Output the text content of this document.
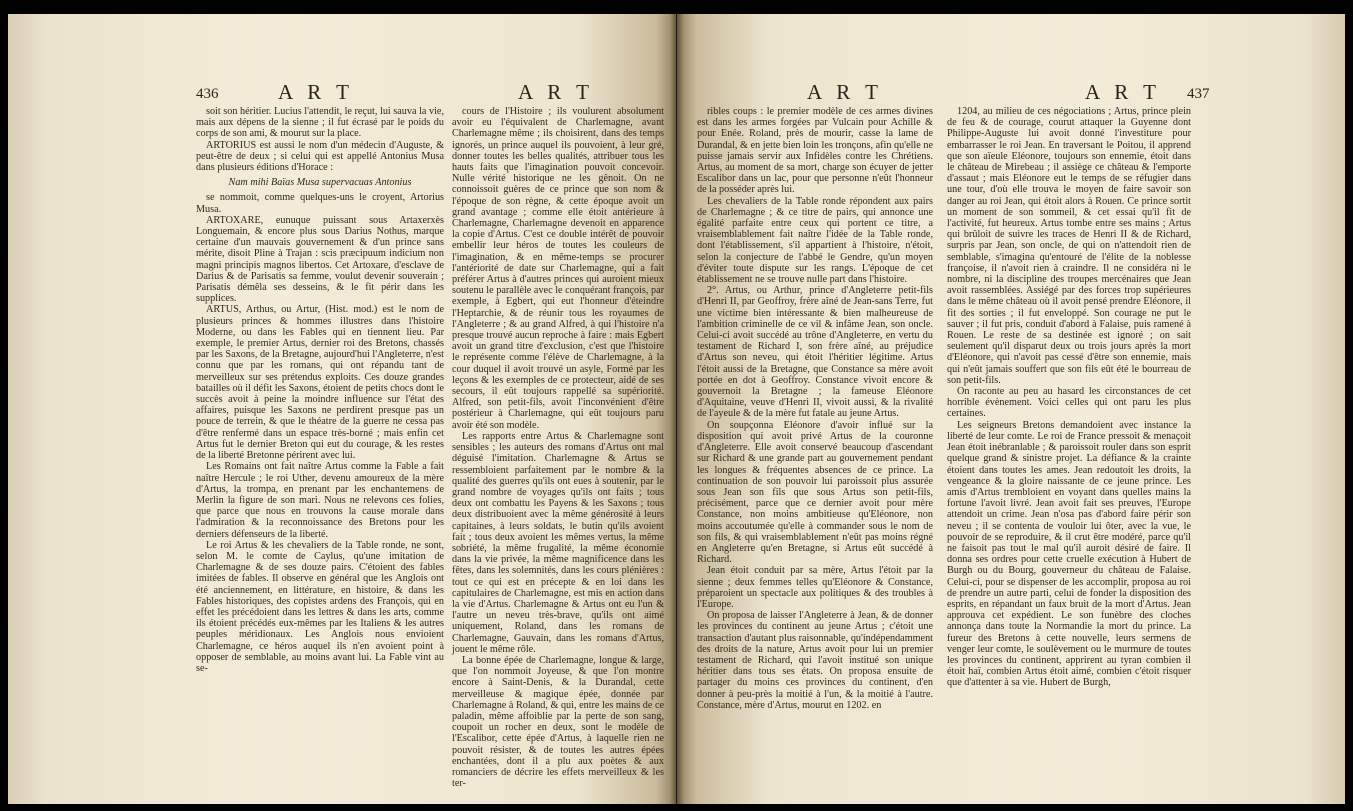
436	A R T	A R T

soit son héritier. Lucius l'attendit, le reçut, lui sauva la vie, mais aux dépens de la sienne ; il fut écrasé par le poids du corps de son ami, & mourut sur la place.

ARTORIUS est aussi le nom d'un médecin d'Auguste, & peut-être de deux ; si celui qui est appellé Antonius Musa dans plusieurs éditions d'Horace :

Nam mihi Baïas Musa supervacuas Antonius

se nommoit, comme quelques-uns le croyent, Artorius Musa.

ARTOXARE, eunuque puissant sous Artaxerxès Longuemain, & encore plus sous Darius Nothus, marque certaine d'un mauvais gouvernement & d'un prince sans mérite, disoit Pline à Trajan : scis præcipuum indicium non magni principis magnos libertos. Cet Artoxare, d'esclave de Darius & de Parisatis sa femme, voulut devenir souverain ; Parisatis démêla ses desseins, & le fit périr dans les supplices.

ARTUS, Arthus, ou Artur, (Hist. mod.) est le nom de plusieurs princes & hommes illustres dans l'histoire Moderne, ou dans les Fables qui en tiennent lieu. Par exemple, le premier Artus, dernier roi des Bretons, chassés par les Saxons, de la Bretagne, aujourd'hui l'Angleterre, n'est connu que par les romans, qui ont répandu tant de merveilleux sur ses prétendus exploits. Ces douze grandes batailles où il défit les Saxons, étoient de petits chocs dont le succès avoit à peine la moindre influence sur l'état des affaires, puisque les Saxons ne perdirent presque pas un pouce de terrein, & que le théatre de la guerre ne cessa pas d'être renfermé dans un espace très-borné ; mais enfin cet Artus fut le dernier Breton qui eut du courage, & les restes de la liberté Bretonne périrent avec lui.

Les Romains ont fait naître Artus comme la Fable a fait naître Hercule ; le roi Uther, devenu amoureux de la mère d'Artus, la trompa, en prenant par les enchantemens de Merlin la figure de son mari. Nous ne relevons ces folies, que parce que nous en trouvons la cause morale dans l'admiration & la reconnoissance des Bretons pour les derniers défenseurs de la liberté.

Le roi Artus & les chevaliers de la Table ronde, ne sont, selon M. le comte de Caylus, qu'une imitation de Charlemagne & de ses douze pairs. C'étoient des fables imitées de fables. Il observe en général que les Anglois ont été anciennement, en littérature, en histoire, & dans les Fables historiques, des copistes ardens des François, qui en effet les précédoient dans les lettres & dans les arts, comme ils étoient précédés eux-mêmes par les Italiens & les autres peuples méridionaux. Les Anglois nous envioient Charlemagne, ce héros auquel ils n'en avoient point à opposer de semblable, au moins avant lui. La Fable vint au se-

cours de l'Histoire ; ils voulurent absolument avoir eu l'équivalent de Charlemagne, avant Charlemagne même ; ils choisirent, dans des temps ignorés, un prince auquel ils pouvoient, à leur gré, donner toutes les belles qualités, attribuer tous les hauts faits que l'imagination pouvoit concevoir. Nulle vérité historique ne les gênoit. On ne connoissoit guères de ce prince que son nom & l'époque de son règne, & cette époque avoit un grand avantage ; comme elle étoit antérieure à Charlemagne, Charlemagne devenoit en apparence la copie d'Artus. C'est ce double intérêt de pouvoir embellir leur héros de toutes les couleurs de l'imagination, & en même-temps se procurer l'antériorité de date sur Charlemagne, qui a fait préférer Artus à d'autres princes qui auroient mieux soutenu le parallèle avec le conquérant françois, par exemple, à Egbert, qui eut l'honneur d'éteindre l'Heptarchie, & de réunir tous les royaumes de l'Angleterre ; & au grand Alfred, à qui l'histoire n'a presque trouvé aucun reproche à faire : mais Egbert avoit un grand titre d'exclusion, c'est que l'histoire le représente comme l'élève de Charlemagne, à la cour duquel il avoit trouvé un asyle, Formé par les leçons & les exemples de ce protecteur, aidé de ses secours, il eût toujours rappellé sa supériorité. Alfred, son petit-fils, avoit l'inconvénient d'être postérieur à Charlemagne, qui eût toujours paru avoir été son modèle.

Les rapports entre Artus & Charlemagne sont sensibles ; les auteurs des romans d'Artus ont mal déguisé l'imitation. Charlemagne & Artus se ressembloient parfaitement par le nombre & la qualité des guerres qu'ils ont eues à soutenir, par le grand nombre de voyages qu'ils ont faits ; tous deux ont combattu les Payens & les Saxons ; tous deux distribuoient avec la même générosité à leurs capitaines, à leurs soldats, le butin qu'ils avoient fait ; tous deux avoient les mêmes vertus, la même sobriété, la même frugalité, la même économie dans la vie privée, la même magnificence dans les fêtes, dans les solemnités, dans les cours plénières : tout ce qui est en précepte & en loi dans les capitulaires de Charlemagne, est mis en action dans la vie d'Artus. Charlemagne & Artus ont eu l'un & l'autre un neveu très-brave, qu'ils ont aimé uniquement, Roland, dans les romans de Charlemagne, Gauvain, dans les romans d'Artus, jouent le même rôle.

La bonne épée de Charlemagne, longue & large, que l'on nommoit Joyeuse, & que l'on montre encore à Saint-Denis, & la Durandal, cette merveilleuse & magique épée, donnée par Charlemagne à Roland, & qui, entre les mains de ce paladin, même affoiblie par la perte de son sang, coupoit un rocher en deux, sont le modèle de l'Escalibor, cette épée d'Artus, à laquelle rien ne pouvoit résister, & de toutes les autres épées enchantées, dont il a plu aux poètes & aux romanciers de décrire les effets merveilleux & les ter-

A R T	A R T 437

ribles coups : le premier modèle de ces armes divines est dans les armes forgées par Vulcain pour Achille & pour Enée. Roland, près de mourir, casse la lame de Durandal, & en jette bien loin les tronçons, afin qu'elle ne puisse jamais servir aux Infidèles contre les Chrétiens. Artus, au moment de sa mort, charge son écuyer de jetter Escalibor dans un lac, pour que personne n'eût l'honneur de la posséder après lui.

Les chevaliers de la Table ronde répondent aux pairs de Charlemagne ; & ce titre de pairs, qui annonce une égalité parfaite entre ceux qui portent ce titre, a vraisemblablement fait naître l'idée de la Table ronde, dont l'établissement, s'il appartient à l'histoire, n'étoit, selon la conjecture de l'abbé le Gendre, qu'un moyen d'éviter toute dispute sur les rangs. L'époque de cet établissement ne se trouve nulle part dans l'histoire.

2°. Artus, ou Arthur, prince d'Angleterre petit-fils d'Henri II, par Geoffroy, frère aîné de Jean-sans Terre, fut une victime bien intéressante & bien malheureuse de l'ambition criminelle de ce vil & infâme Jean, son oncle. Celui-ci avoit succédé au trône d'Angleterre, en vertu du testament de Richard I, son frère aîné, au préjudice d'Artus son neveu, qui étoit l'héritier légitime. Artus l'étoit aussi de la Bretagne, que Constance sa mère avoit portée en dot à Geoffroy. Constance vivoit encore & gouvernoit la Bretagne ; la fameuse Eléonore d'Aquitaine, veuve d'Henri II, vivoit aussi, & la rivalité de l'ayeule & de la mère fut fatale au jeune Artus.

On soupçonna Eléonore d'avoir influé sur la disposition qui avoit privé Artus de la couronne d'Angleterre. Elle avoit conservé beaucoup d'ascendant sur Richard & une grande part au gouvernement pendant les longues & fréquentes absences de ce prince. La continuation de son pouvoir lui paroissoit plus assurée sous Jean son fils que sous Artus son petit-fils, précisément, parce que ce dernier avoit pour mère Constance, non moins ambitieuse qu'Eléonore, non moins accoutumée qu'elle à commander sous le nom de son fils, & qui vraisemblablement n'eût pas moins régné en Angleterre qu'en Bretagne, si Artus eût succédé à Richard.

Jean étoit conduit par sa mère, Artus l'étoit par la sienne ; deux femmes telles qu'Eléonore & Constance, préparoient un spectacle aux politiques & des troubles à l'Europe.

On proposa de laisser l'Angleterre à Jean, & de donner les provinces du continent au jeune Artus ; c'étoit une transaction d'autant plus raisonnable, qu'indépendamment des droits de la nature, Artus avoit pour lui un premier testament de Richard, qui l'avoit institué son unique héritier dans tous ses états. On proposa ensuite de partager du moins ces provinces du continent, d'en donner à peu-près la moitié à l'un, & la moitié à l'autre. Constance, mère d'Artus, mourut en 1202. en

1204, au milieu de ces négociations ; Artus, prince plein de feu & de courage, courut attaquer la Guyenne dont Philippe-Auguste lui avoit donné l'investiture pour embarrasser le roi Jean. En traversant le Poitou, il apprend que son aïeule Eléonore, toujours son ennemie, étoit dans le château de Mirebeau ; il assiège ce château & l'emporte d'assaut ; mais Eléonore eut le temps de se réfugier dans une tour, d'où elle trouva le moyen de faire savoir son danger au roi Jean, qui étoit alors à Rouen. Ce prince sortit un moment de son sommeil, & cet essai qu'il fit de l'activité, fut heureux. Artus tombe entre ses mains ; Artus qui brûloit de suivre les traces de Henri II & de Richard, surpris par Jean, son oncle, de qui on n'attendoit rien de semblable, s'imagina qu'entouré de l'élite de la noblesse françoise, il n'avoit rien à craindre. Il ne considéra ni le nombre, ni la discipline des troupes mercénaires que Jean avoit rassemblées. Assiégé par des forces trop supérieures dans le même château où il avoit pensé prendre Eléonore, il fit des sorties ; il fut enveloppé. Son courage ne put le sauver ; il fut pris, conduit d'abord à Falaise, puis ramené à Rouen. Le reste de sa destinée est ignoré ; on sait seulement qu'il disparut deux ou trois jours après la mort d'Eléonore, qui n'avoit pas cessé d'être son ennemie, mais qui n'eût jamais souffert que son fils eût été le bourreau de son petit-fils.

On raconte au peu au hasard les circonstances de cet horrible évènement. Voici celles qui ont paru les plus certaines.

Les seigneurs Bretons demandoient avec instance la liberté de leur comte. Le roi de France pressoit & menaçoit Jean étoit inébranlable ; & paroissoit rouler dans son esprit quelque grand & sinistre projet. La défiance & la crainte étoient dans toutes les ames. Jean redoutoit les droits, la vengeance & la gloire naissante de ce jeune prince. Les amis d'Artus trembloient en voyant dans quelles mains la fortune l'avoit livré. Jean avoit fait ses preuves, l'Europe attendoit un crime. Jean n'osa pas d'abord faire périr son neveu ; il se contenta de vouloir lui ôter, avec la vue, le pouvoir de se reproduire, & il crut être modéré, parce qu'il ne faisoit pas tout le mal qu'il auroit désiré de faire. Il donna ses ordres pour cette cruelle exécution à Hubert de Burgh ou du Bourg, gouverneur du château de Falaise. Celui-ci, pour se dispenser de les accomplir, proposa au roi de prendre un autre parti, celui de fonder la disposition des esprits, en répandant un faux bruit de la mort d'Artus. Jean approuva cet expédient. Le son funèbre des cloches annonça dans toute la Normandie la mort du prince. La fureur des Bretons à cette nouvelle, leurs sermens de venger leur comte, le soulèvement ou le murmure de toutes les provinces du continent, apprirent au tyran combien il étoit haï, combien Artus étoit aimé, combien c'étoit risquer que d'attenter à sa vie. Hubert de Burgh,
